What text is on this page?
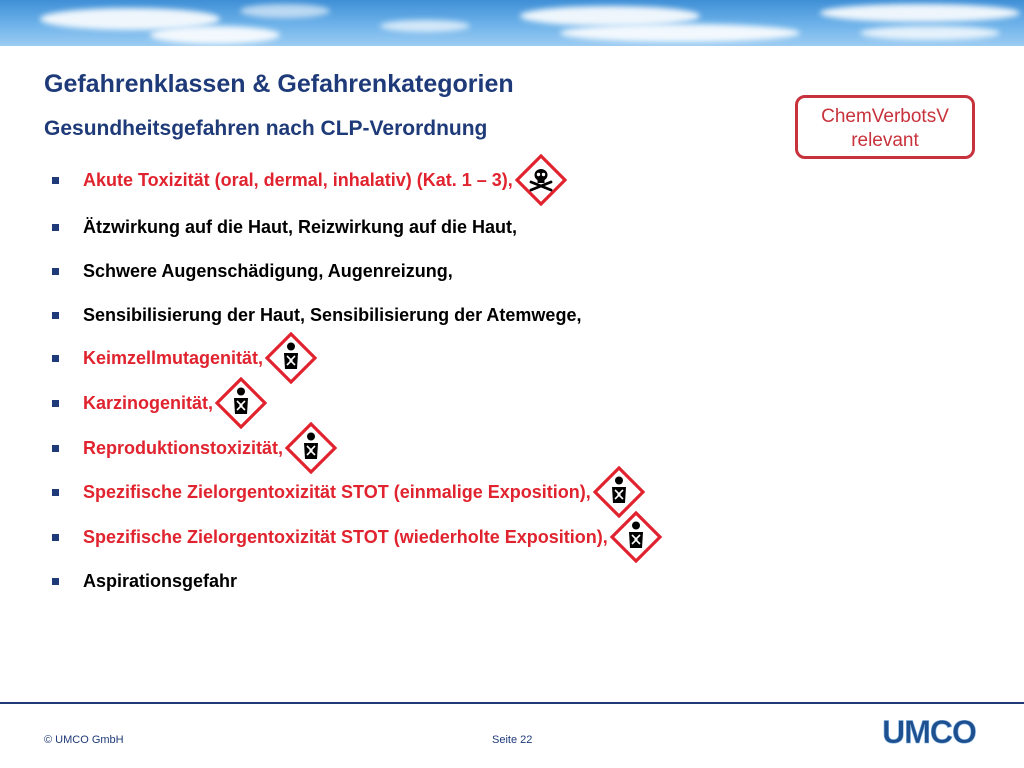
Gefahrenklassen & Gefahrenkategorien
Gesundheitsgefahren nach CLP-Verordnung
ChemVerbotsV
relevant
Akute Toxizität (oral, dermal, inhalativ) (Kat. 1 – 3),
Ätzwirkung auf die Haut, Reizwirkung auf die Haut,
Schwere Augenschädigung, Augenreizung,
Sensibilisierung der Haut, Sensibilisierung der Atemwege,
Keimzellmutagenität,
Karzinogenität,
Reproduktionstoxizität,
Spezifische Zielorgentoxizität STOT (einmalige Exposition),
Spezifische Zielorgentoxizität STOT (wiederholte Exposition),
Aspirationsgefahr
© UMCO GmbH	Seite 22	UMCO
